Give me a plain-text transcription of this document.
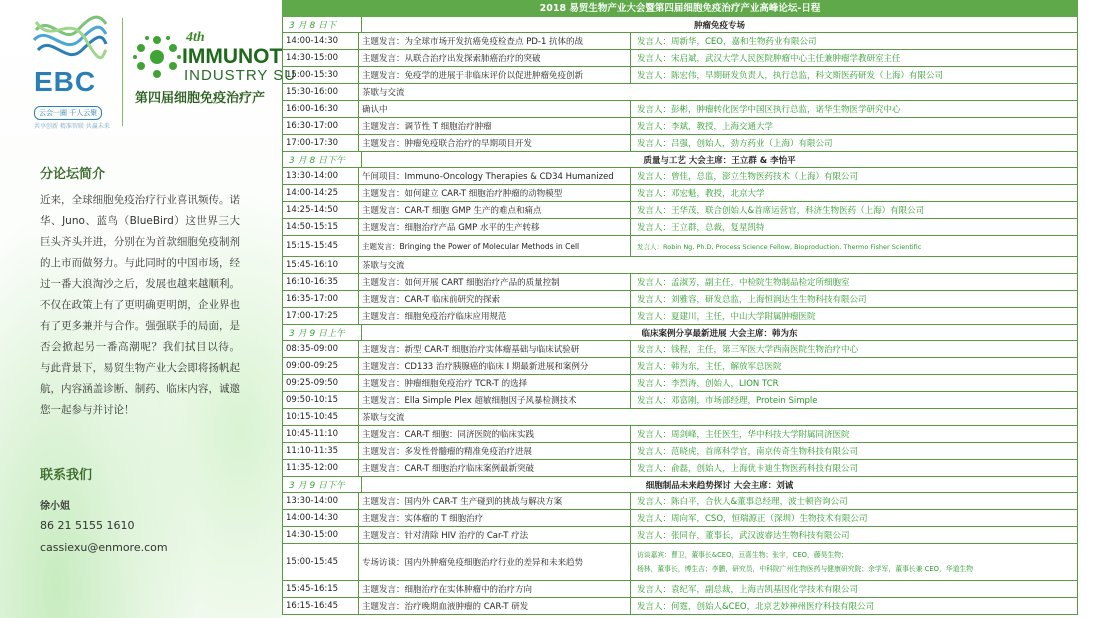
EBC
云会一圈 千人云聚
共享创新 精准智联 共赢未来
4th
IMMUNOT
INDUSTRY SU
第四届细胞免疫治疗产
分论坛简介
近来，全球细胞免疫治疗行业喜讯频传。诺华、Juno、蓝鸟（BlueBird）这世界三大巨头齐头并进，分别在为首款细胞免疫制剂的上市而做努力。与此同时的中国市场，经过一番大浪淘沙之后，发展也越来越顺利。不仅在政策上有了更明确更明朗，企业界也有了更多兼并与合作。强强联手的局面，是否会掀起另一番高潮呢？我们拭目以待。 与此背景下，易贸生物产业大会即将扬帆起航，内容涵盖诊断、制药、临床内容，诚邀您一起参与并讨论！
联系我们
徐小姐
86 21 5155 1610
cassiexu@enmore.com
2018 易贸生物产业大会暨第四届细胞免疫治疗产业高峰论坛-日程
3 月 8 日下	肿瘤免疫专场
14:00-14:30	主题发言：为全球市场开发抗癌免疫检查点 PD-1 抗体的战	发言人：周新华，CEO，嘉和生物药业有限公司
14:30-15:00	主题发言：从联合治疗出发探索肺癌治疗的突破	发言人：宋启斌，武汉大学人民医院肿瘤中心主任兼肿瘤学教研室主任
15:00-15:30	主题发言：免疫学的进展于非临床评价以促进肿瘤免疫创新	发言人：陈宏伟，早期研发负责人，执行总监，科文斯医药研发（上海）有限公司
15:30-16:00	茶歇与交流
16:00-16:30	确认中	发言人：彭彬，肿瘤转化医学中国区执行总监，诺华生物医学研究中心
16:30-17:00	主题发言：调节性 T 细胞治疗肿瘤	发言人：李斌，教授，上海交通大学
17:00-17:30	主题发言：肿瘤免疫联合治疗的早期项目开发	发言人：吕强，创始人，劲方药业（上海）有限公司
3 月 8 日下午	质量与工艺 大会主席：王立群 & 李怡平
13:30-14:00	午间项目：Immuno-Oncology Therapies & CD34 Humanized	发言人：曾佳，总监，澎立生物医药技术（上海）有限公司
14:00-14:25	主题发言：如何建立 CAR-T 细胞治疗肿瘤的动物模型	发言人：邓宏魁，教授，北京大学
14:25-14:50	主题发言：CAR-T 细胞 GMP 生产的难点和痛点	发言人：王华茂，联合创始人&首席运营官，科济生物医药（上海）有限公司
14:50-15:15	主题发言：细胞治疗产品 GMP 水平的生产转移	发言人：王立群，总裁，复星凯特
15:15-15:45	主题发言：Bringing the Power of Molecular Methods in Cell	发言人：Robin Ng, Ph.D, Process Science Fellow, Bioproduction, Thermo Fisher Scientific
15:45-16:10	茶歇与交流
16:10-16:35	主题发言：如何开展 CART 细胞治疗产品的质量控制	发言人：孟淑芳，副主任，中检院生物制品检定所细胞室
16:35-17:00	主题发言：CAR-T 临床前研究的探索	发言人：刘雅容，研发总监，上海恒润达生生物科技有限公司
17:00-17:25	主题发言：细胞免疫治疗临床应用规范	发言人：夏建川，主任，中山大学附属肿瘤医院
3 月 9 日上午	临床案例分享最新进展 大会主席：韩为东
08:35-09:00	主题发言：新型 CAR-T 细胞治疗实体瘤基础与临床试验研	发言人：钱程，主任，第三军医大学西南医院生物治疗中心
09:00-09:25	主题发言：CD133 治疗胰腺癌的临床 I 期最新进展和案例分	发言人：韩为东，主任，解放军总医院
09:25-09:50	主题发言：肿瘤细胞免疫治疗 TCR-T 的选择	发言人：李烈涛，创始人，LION TCR
09:50-10:15	主题发言：Ella Simple Plex 超敏细胞因子风暴检测技术	发言人：邓富刚，市场部经理，Protein Simple
10:15-10:45	茶歇与交流
10:45-11:10	主题发言：CAR-T 细胞：同济医院的临床实践	发言人：周剑峰，主任医生，华中科技大学附属同济医院
11:10-11:35	主题发言：多发性骨髓瘤的精准免疫治疗进展	发言人：范晓虎，首席科学官，南京传奇生物科技有限公司
11:35-12:00	主题发言：CAR-T 细胞治疗临床案例最新突破	发言人：俞磊，创始人，上海优卡迪生物医药科技有限公司
3 月 9 日下午	细胞制品未来趋势探讨 大会主席：刘诚
13:30-14:00	主题发言：国内外 CAR-T 生产碰到的挑战与解决方案	发言人：陈白平，合伙人&董事总经理，波士顿咨询公司
14:00-14:30	主题发言：实体瘤的 T 细胞治疗	发言人：周向军，CSO，恒瑞源正（深圳）生物技术有限公司
14:30-15:00	主题发言：针对清除 HIV 治疗的 Car-T 疗法	发言人：张同存，董事长，武汉波睿达生物科技有限公司
15:00-15:45	专场访谈：国内外肿瘤免疫细胞治疗行业的差异和未来趋势
访谈嘉宾：曹卫，董事长&CEO，亘喜生物；张宇，CEO，藤昊生物；
杨林，董事长，博生吉；李鹏，研究员，中科院广州生物医药与健康研究院；余学军，董事长兼 CEO，华道生物
15:45-16:15	主题发言：细胞治疗在实体肿瘤中的治疗方向	发言人：袁纪军，副总裁，上海吉凯基因化学技术有限公司
16:15-16:45	主题发言：治疗晚期血液肿瘤的 CAR-T 研发	发言人：何霆，创始人&CEO，北京艺妙神州医疗科技有限公司
